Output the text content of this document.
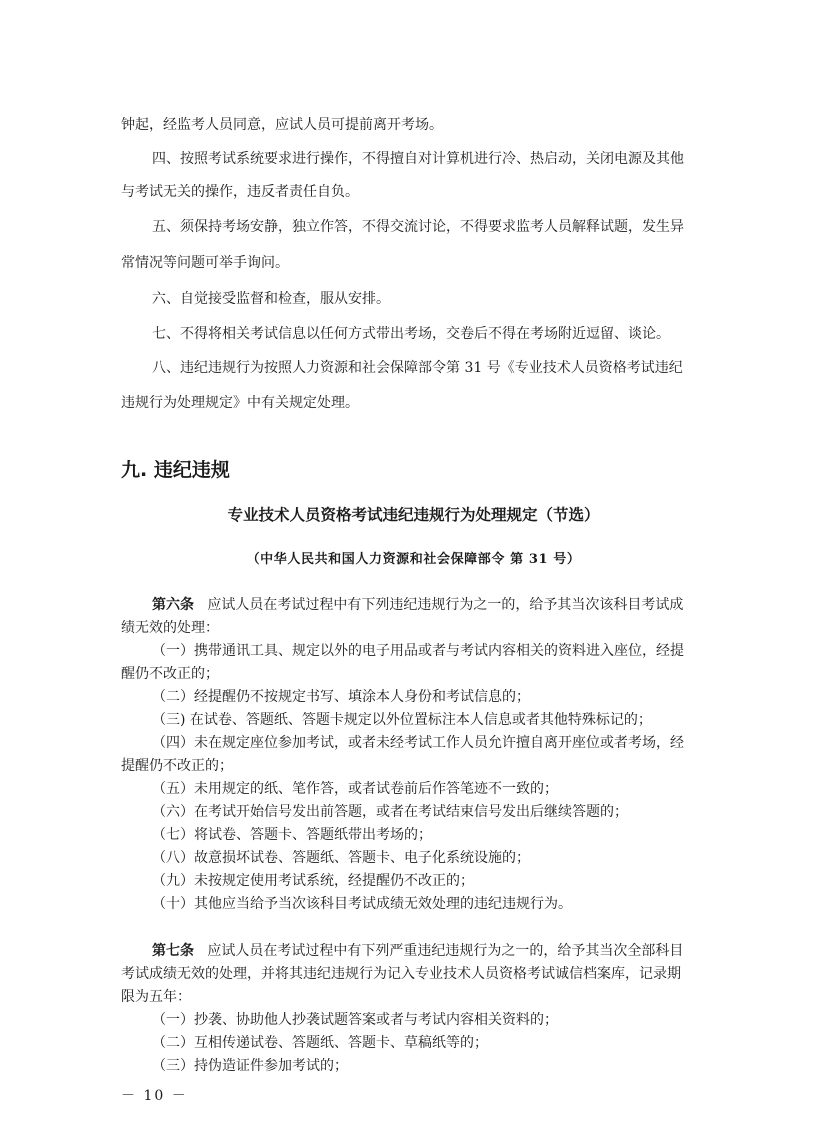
钟起，经监考人员同意，应试人员可提前离开考场。

四、按照考试系统要求进行操作，不得擅自对计算机进行冷、热启动，关闭电源及其他

与考试无关的操作，违反者责任自负。

五、须保持考场安静，独立作答，不得交流讨论，不得要求监考人员解释试题，发生异

常情况等问题可举手询问。

六、自觉接受监督和检查，服从安排。

七、不得将相关考试信息以任何方式带出考场，交卷后不得在考场附近逗留、谈论。

八、违纪违规行为按照人力资源和社会保障部令第 31 号《专业技术人员资格考试违纪

违规行为处理规定》中有关规定处理。

九. 违纪违规

专业技术人员资格考试违纪违规行为处理规定（节选）

（中华人民共和国人力资源和社会保障部令 第 31 号）

第六条 应试人员在考试过程中有下列违纪违规行为之一的，给予其当次该科目考试成

绩无效的处理：

（一）携带通讯工具、规定以外的电子用品或者与考试内容相关的资料进入座位，经提

醒仍不改正的；

（二）经提醒仍不按规定书写、填涂本人身份和考试信息的；

（三) 在试卷、答题纸、答题卡规定以外位置标注本人信息或者其他特殊标记的；

（四）未在规定座位参加考试，或者未经考试工作人员允许擅自离开座位或者考场，经

提醒仍不改正的；

（五）未用规定的纸、笔作答，或者试卷前后作答笔迹不一致的；

（六）在考试开始信号发出前答题，或者在考试结束信号发出后继续答题的；

（七）将试卷、答题卡、答题纸带出考场的；

（八）故意损坏试卷、答题纸、答题卡、电子化系统设施的；

（九）未按规定使用考试系统，经提醒仍不改正的；

（十）其他应当给予当次该科目考试成绩无效处理的违纪违规行为。

第七条 应试人员在考试过程中有下列严重违纪违规行为之一的，给予其当次全部科目

考试成绩无效的处理，并将其违纪违规行为记入专业技术人员资格考试诚信档案库，记录期

限为五年：

（一）抄袭、协助他人抄袭试题答案或者与考试内容相关资料的；

（二）互相传递试卷、答题纸、答题卡、草稿纸等的；

（三）持伪造证件参加考试的；

－ 10 －
